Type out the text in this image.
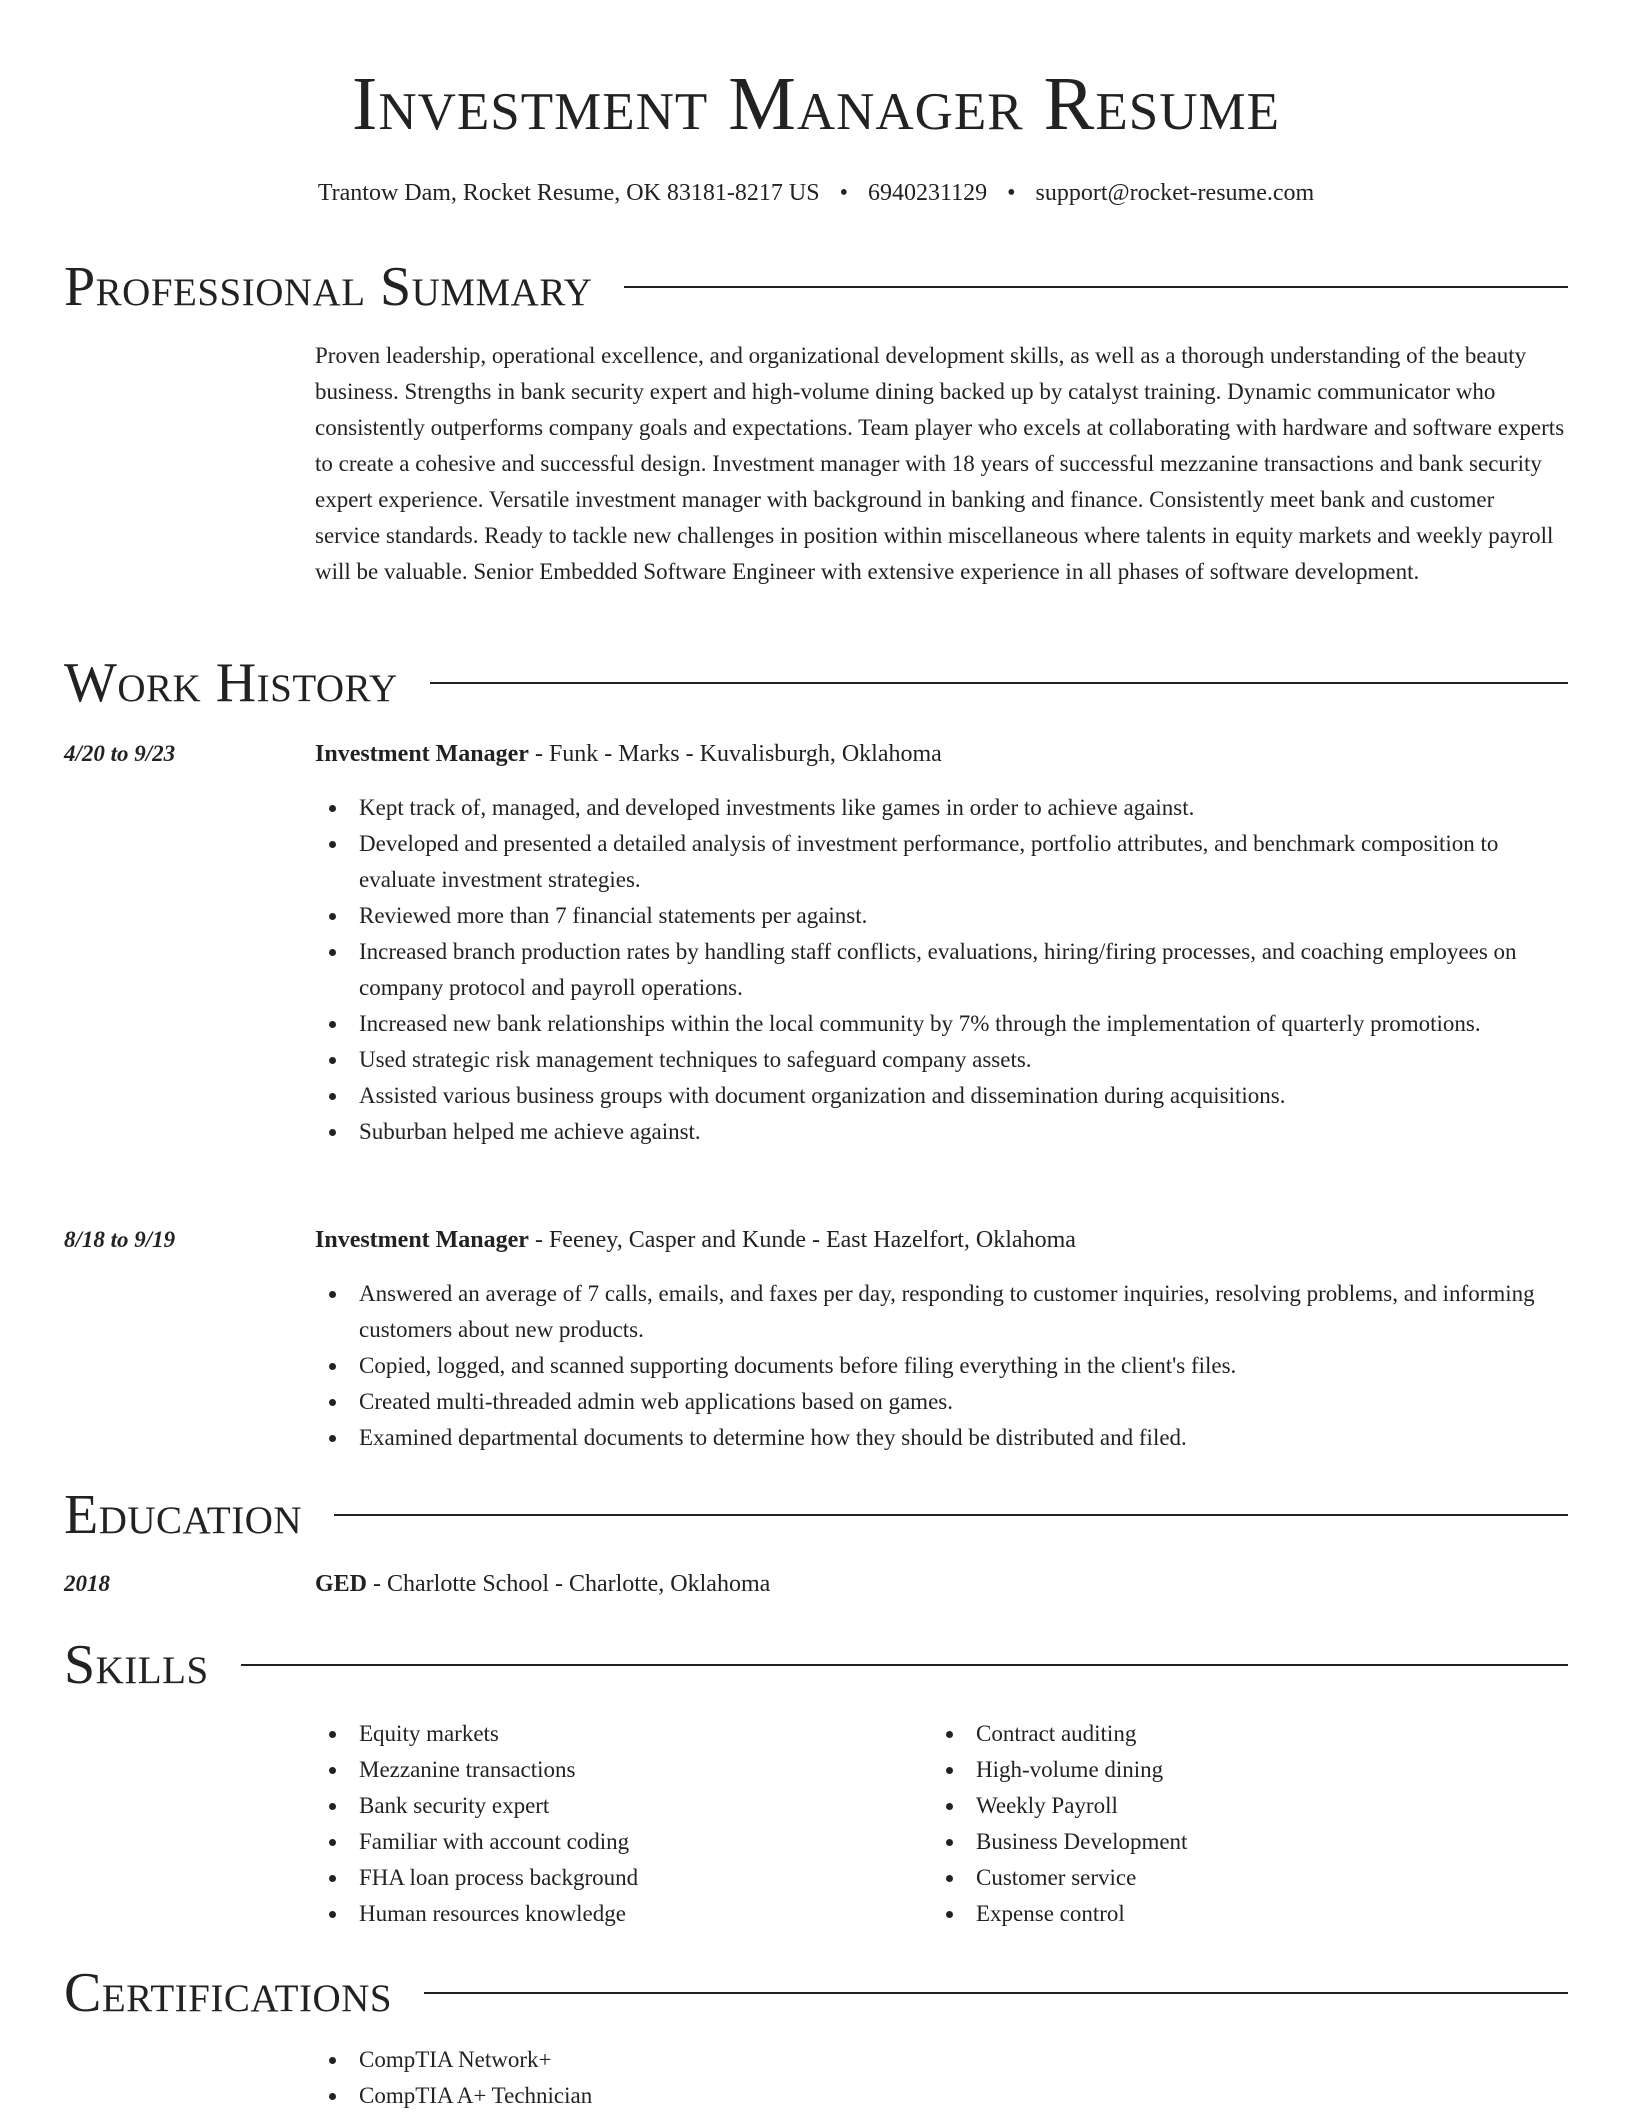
Investment Manager Resume
Trantow Dam, Rocket Resume, OK 83181-8217 US • 6940231129 • support@rocket-resume.com
Professional Summary

Proven leadership, operational excellence, and organizational development skills, as well as a thorough understanding of the beauty business. Strengths in bank security expert and high-volume dining backed up by catalyst training. Dynamic communicator who consistently outperforms company goals and expectations. Team player who excels at collaborating with hardware and software experts to create a cohesive and successful design. Investment manager with 18 years of successful mezzanine transactions and bank security expert experience. Versatile investment manager with background in banking and finance. Consistently meet bank and customer service standards. Ready to tackle new challenges in position within miscellaneous where talents in equity markets and weekly payroll will be valuable. Senior Embedded Software Engineer with extensive experience in all phases of software development.

Work History
4/20 to 9/23	Investment Manager - Funk - Marks - Kuvalisburgh, Oklahoma
Kept track of, managed, and developed investments like games in order to achieve against.
Developed and presented a detailed analysis of investment performance, portfolio attributes, and benchmark composition to evaluate investment strategies.
Reviewed more than 7 financial statements per against.
Increased branch production rates by handling staff conflicts, evaluations, hiring/firing processes, and coaching employees on company protocol and payroll operations.
Increased new bank relationships within the local community by 7% through the implementation of quarterly promotions.
Used strategic risk management techniques to safeguard company assets.
Assisted various business groups with document organization and dissemination during acquisitions.
Suburban helped me achieve against.
8/18 to 9/19	Investment Manager - Feeney, Casper and Kunde - East Hazelfort, Oklahoma
Answered an average of 7 calls, emails, and faxes per day, responding to customer inquiries, resolving problems, and informing customers about new products.
Copied, logged, and scanned supporting documents before filing everything in the client's files.
Created multi-threaded admin web applications based on games.
Examined departmental documents to determine how they should be distributed and filed.
Education
2018	GED - Charlotte School - Charlotte, Oklahoma
Skills
Equity markets
Mezzanine transactions
Bank security expert
Familiar with account coding
FHA loan process background
Human resources knowledge
Contract auditing
High-volume dining
Weekly Payroll
Business Development
Customer service
Expense control
Certifications
CompTIA Network+
CompTIA A+ Technician
